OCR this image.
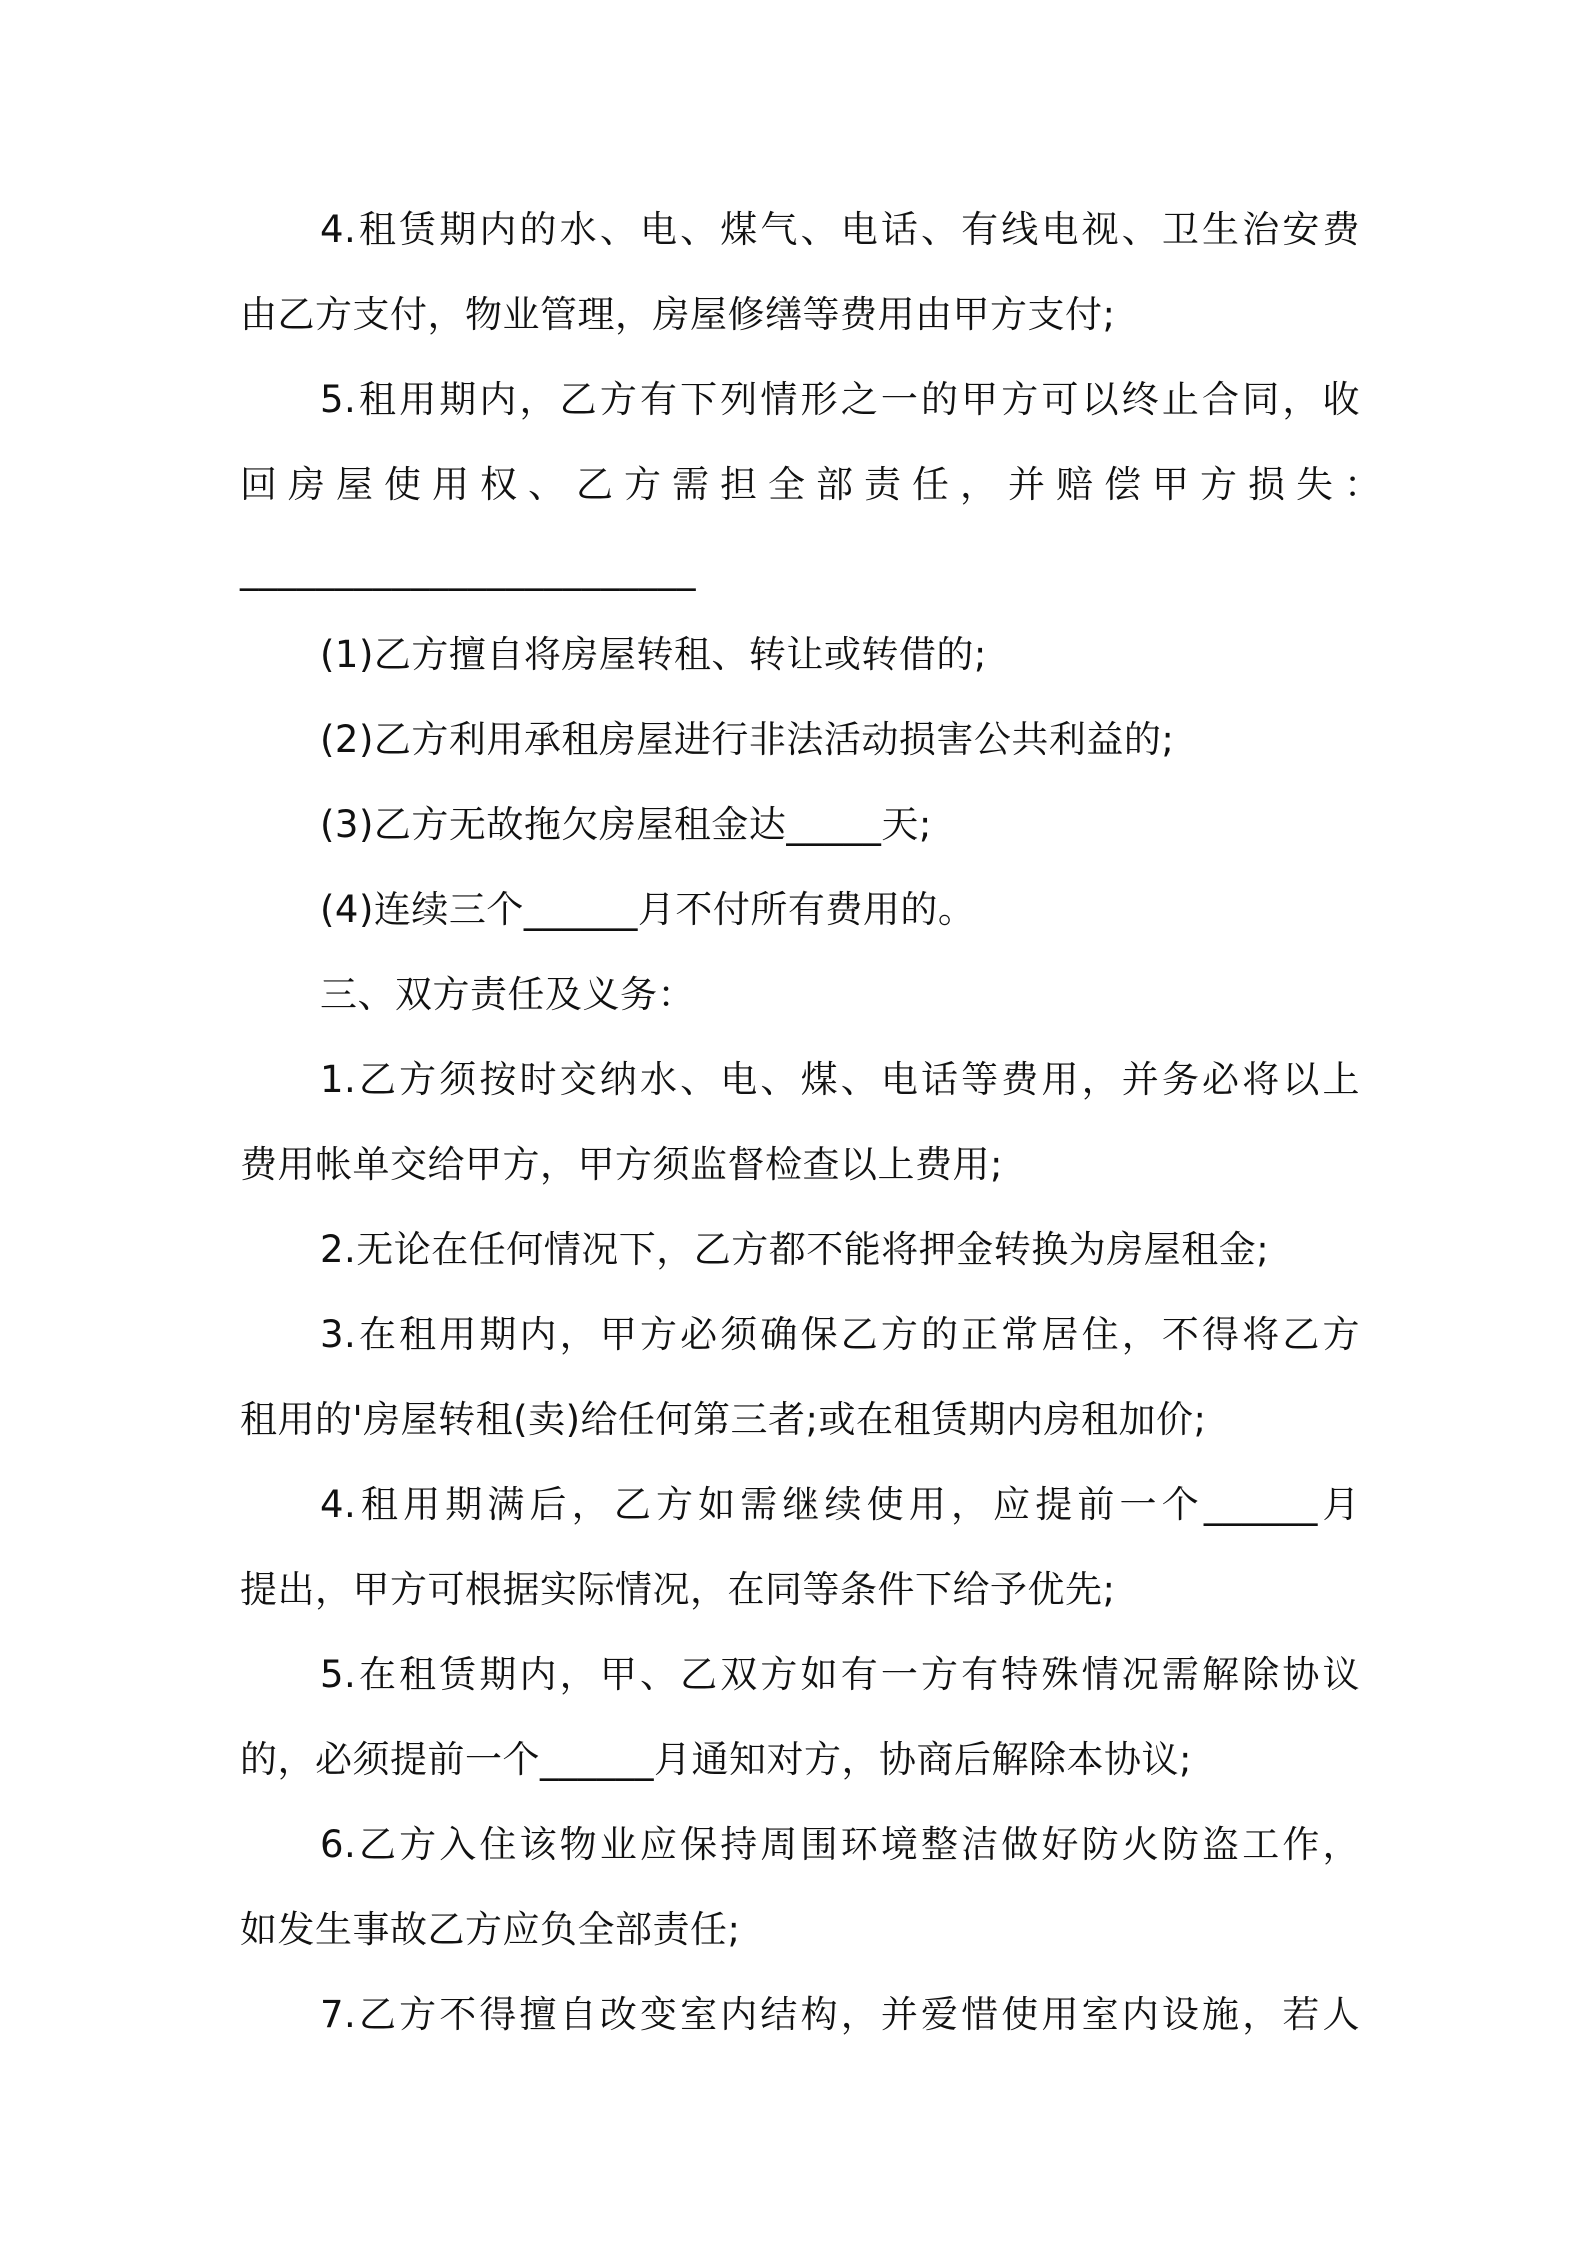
4.租赁期内的水、电、煤气、电话、有线电视、卫生治安费
由乙方支付，物业管理，房屋修缮等费用由甲方支付;
5.租用期内，乙方有下列情形之一的甲方可以终止合同，收
回房屋使用权、乙方需担全部责任，并赔偿甲方损失：
________________________
(1)乙方擅自将房屋转租、转让或转借的;
(2)乙方利用承租房屋进行非法活动损害公共利益的;
(3)乙方无故拖欠房屋租金达_____天;
(4)连续三个______月不付所有费用的。
三、双方责任及义务：
1.乙方须按时交纳水、电、煤、电话等费用，并务必将以上
费用帐单交给甲方，甲方须监督检查以上费用;
2.无论在任何情况下，乙方都不能将押金转换为房屋租金;
3.在租用期内，甲方必须确保乙方的正常居住，不得将乙方
租用的'房屋转租(卖)给任何第三者;或在租赁期内房租加价;
4.租用期满后，乙方如需继续使用，应提前一个______月
提出，甲方可根据实际情况，在同等条件下给予优先;
5.在租赁期内，甲、乙双方如有一方有特殊情况需解除协议
的，必须提前一个______月通知对方，协商后解除本协议;
6.乙方入住该物业应保持周围环境整洁做好防火防盗工作，
如发生事故乙方应负全部责任;
7.乙方不得擅自改变室内结构，并爱惜使用室内设施，若人
